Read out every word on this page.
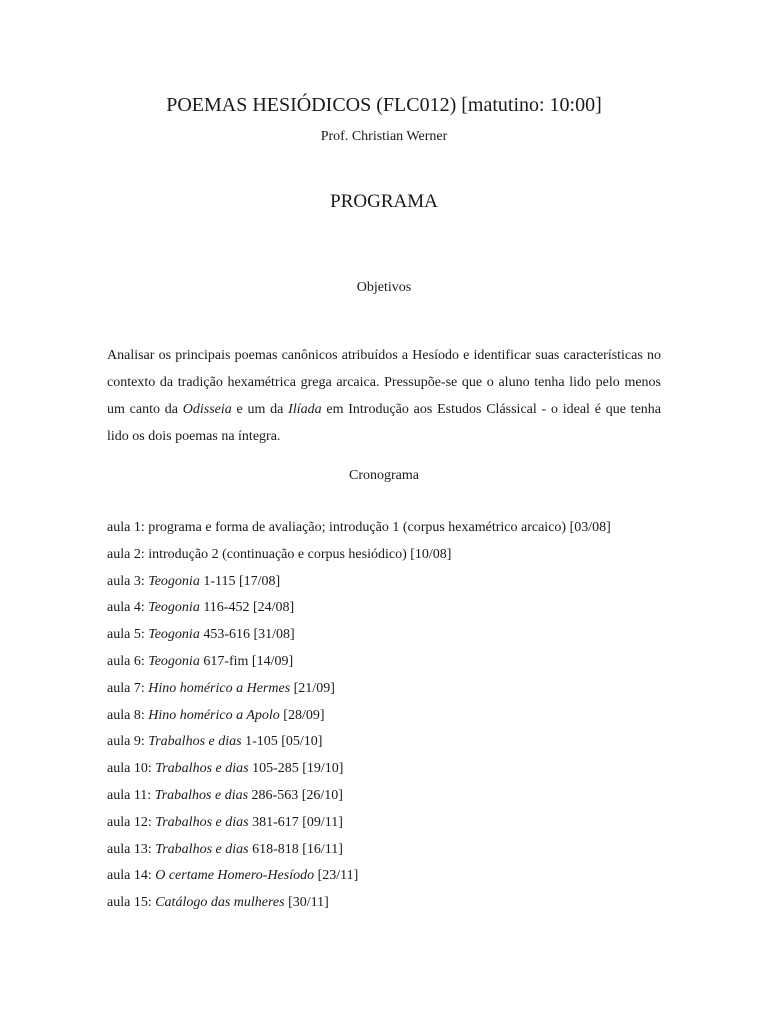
POEMAS HESIÓDICOS (FLC012) [matutino: 10:00]
Prof. Christian Werner
PROGRAMA
Objetivos

Analisar os principais poemas canônicos atribuídos a Hesíodo e identificar suas características no contexto da tradição hexamétrica grega arcaica. Pressupõe-se que o aluno tenha lido pelo menos um canto da Odisseia e um da Ilíada em Introdução aos Estudos Clássical - o ideal é que tenha lido os dois poemas na íntegra.

Cronograma
aula 1: programa e forma de avaliação; introdução 1 (corpus hexamétrico arcaico) [03/08]
aula 2: introdução 2 (continuação e corpus hesiódico) [10/08]
aula 3: Teogonia 1-115 [17/08]
aula 4: Teogonia 116-452 [24/08]
aula 5: Teogonia 453-616 [31/08]
aula 6: Teogonia 617-fim [14/09]
aula 7: Hino homérico a Hermes [21/09]
aula 8: Hino homérico a Apolo [28/09]
aula 9: Trabalhos e dias 1-105 [05/10]
aula 10: Trabalhos e dias 105-285 [19/10]
aula 11: Trabalhos e dias 286-563 [26/10]
aula 12: Trabalhos e dias 381-617 [09/11]
aula 13: Trabalhos e dias 618-818 [16/11]
aula 14: O certame Homero-Hesíodo [23/11]
aula 15: Catálogo das mulheres [30/11]
